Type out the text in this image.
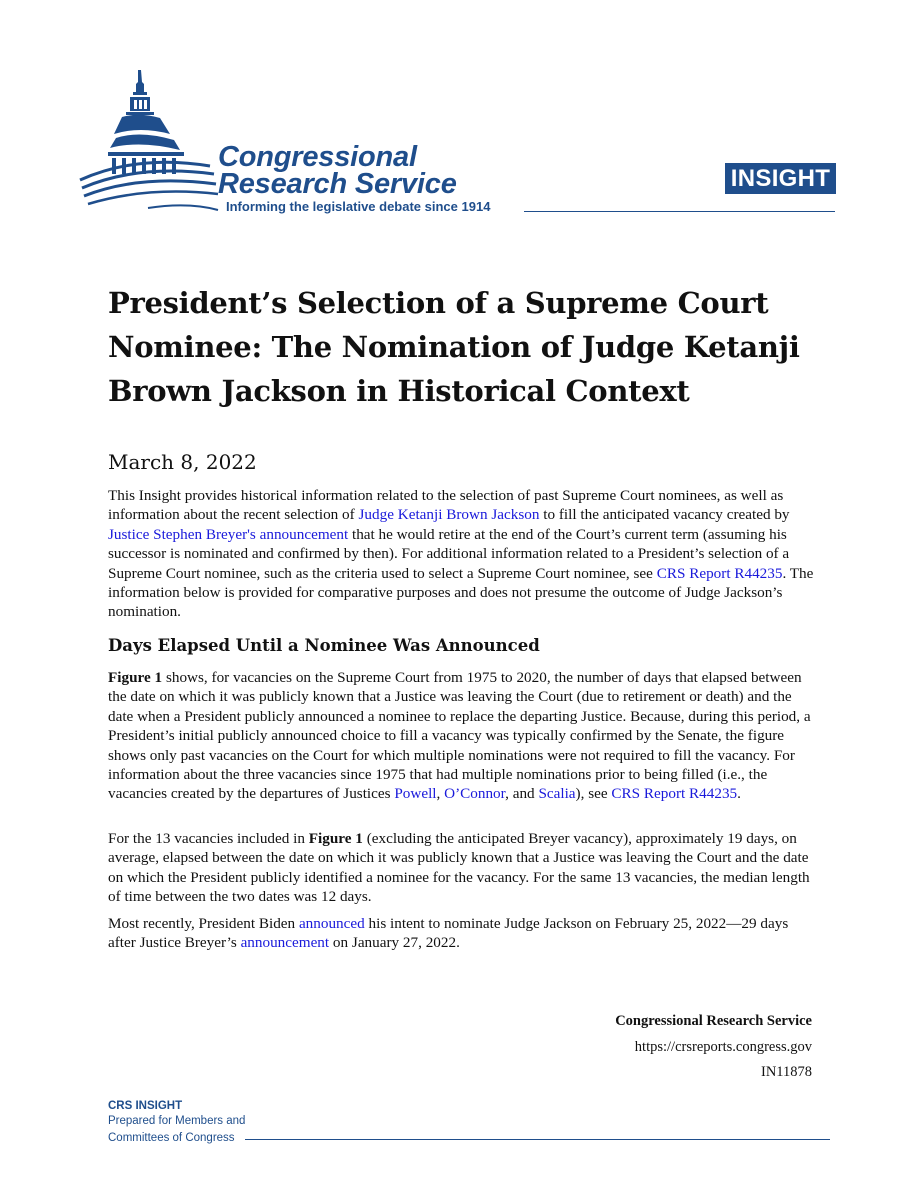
Congressional
Research Service
Informing the legislative debate since 1914
INSIGHT
President’s Selection of a Supreme Court Nominee: The Nomination of Judge Ketanji Brown Jackson in Historical Context
March 8, 2022

This Insight provides historical information related to the selection of past Supreme Court nominees, as well as information about the recent selection of Judge Ketanji Brown Jackson to fill the anticipated vacancy created by Justice Stephen Breyer's announcement that he would retire at the end of the Court’s current term (assuming his successor is nominated and confirmed by then). For additional information related to a President’s selection of a Supreme Court nominee, such as the criteria used to select a Supreme Court nominee, see CRS Report R44235. The information below is provided for comparative purposes and does not presume the outcome of Judge Jackson’s nomination.

Days Elapsed Until a Nominee Was Announced

Figure 1 shows, for vacancies on the Supreme Court from 1975 to 2020, the number of days that elapsed between the date on which it was publicly known that a Justice was leaving the Court (due to retirement or death) and the date when a President publicly announced a nominee to replace the departing Justice. Because, during this period, a President’s initial publicly announced choice to fill a vacancy was typically confirmed by the Senate, the figure shows only past vacancies on the Court for which multiple nominations were not required to fill the vacancy. For information about the three vacancies since 1975 that had multiple nominations prior to being filled (i.e., the vacancies created by the departures of Justices Powell, O’Connor, and Scalia), see CRS Report R44235.

For the 13 vacancies included in Figure 1 (excluding the anticipated Breyer vacancy), approximately 19 days, on average, elapsed between the date on which it was publicly known that a Justice was leaving the Court and the date on which the President publicly identified a nominee for the vacancy. For the same 13 vacancies, the median length of time between the two dates was 12 days.

Most recently, President Biden announced his intent to nominate Judge Jackson on February 25, 2022—29 days after Justice Breyer’s announcement on January 27, 2022.

Congressional Research Service
https://crsreports.congress.gov
IN11878
CRS INSIGHT
Prepared for Members and
Committees of Congress
